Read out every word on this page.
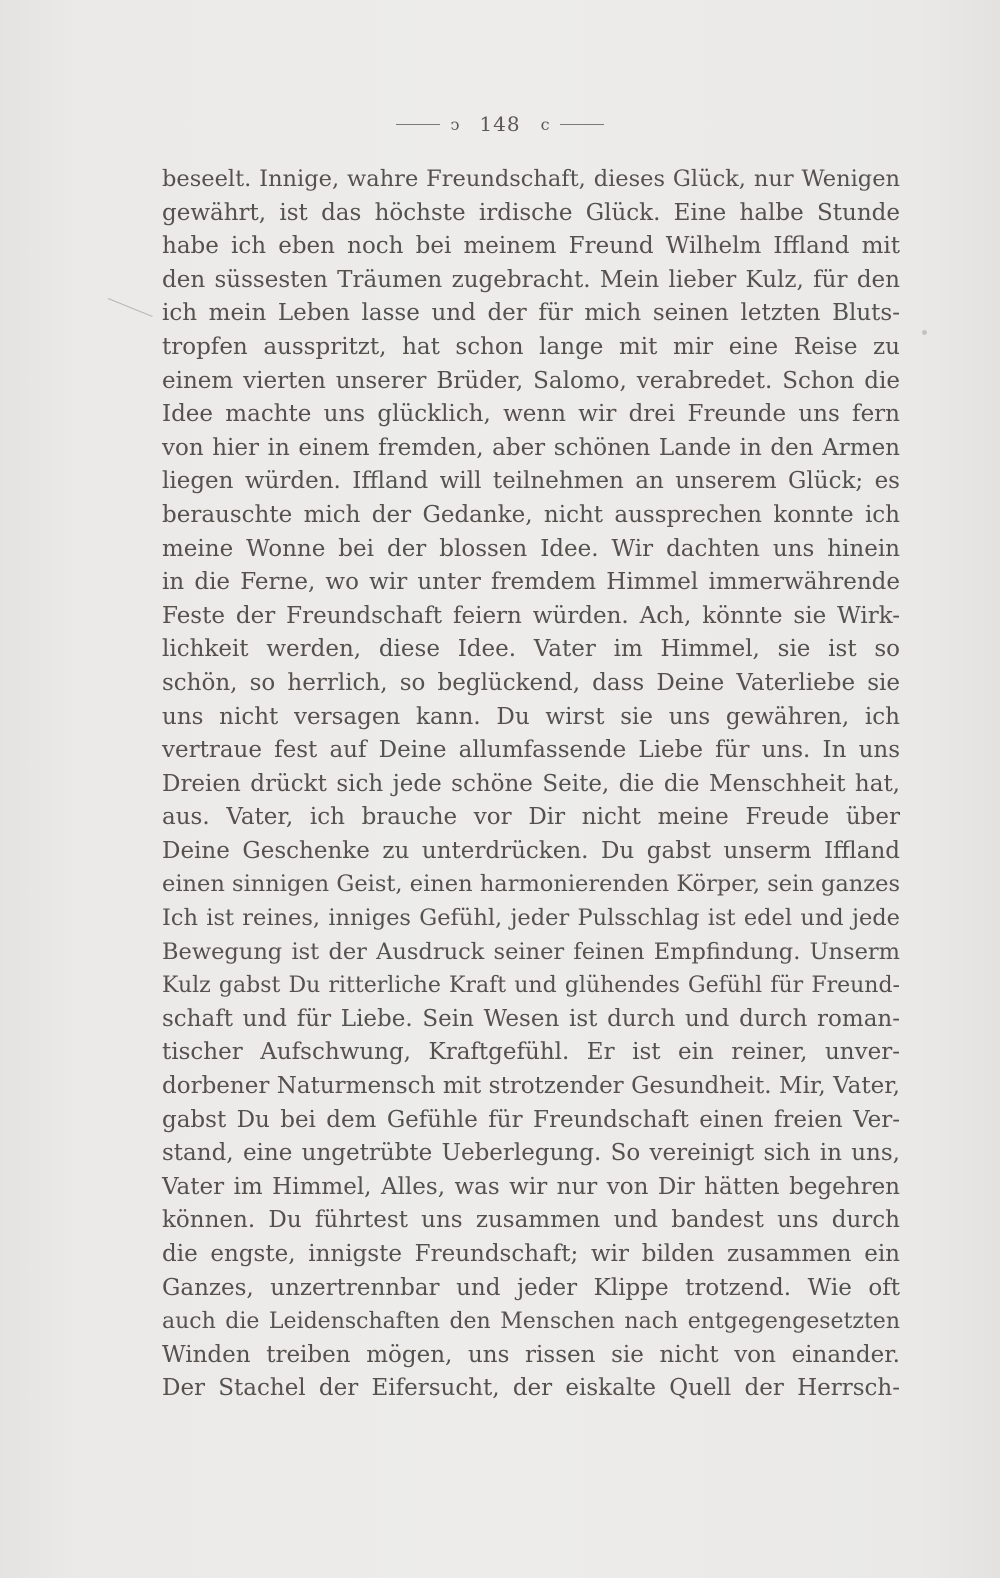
ↄ 148 c
beseelt. Innige, wahre Freundschaft, dieses Glück, nur Wenigen
gewährt, ist das höchste irdische Glück. Eine halbe Stunde
habe ich eben noch bei meinem Freund Wilhelm Iffland mit
den süssesten Träumen zugebracht. Mein lieber Kulz, für den
ich mein Leben lasse und der für mich seinen letzten Bluts-
tropfen ausspritzt, hat schon lange mit mir eine Reise zu
einem vierten unserer Brüder, Salomo, verabredet. Schon die
Idee machte uns glücklich, wenn wir drei Freunde uns fern
von hier in einem fremden, aber schönen Lande in den Armen
liegen würden. Iffland will teilnehmen an unserem Glück; es
berauschte mich der Gedanke, nicht aussprechen konnte ich
meine Wonne bei der blossen Idee. Wir dachten uns hinein
in die Ferne, wo wir unter fremdem Himmel immerwährende
Feste der Freundschaft feiern würden. Ach, könnte sie Wirk-
lichkeit werden, diese Idee. Vater im Himmel, sie ist so
schön, so herrlich, so beglückend, dass Deine Vaterliebe sie
uns nicht versagen kann. Du wirst sie uns gewähren, ich
vertraue fest auf Deine allumfassende Liebe für uns. In uns
Dreien drückt sich jede schöne Seite, die die Menschheit hat,
aus. Vater, ich brauche vor Dir nicht meine Freude über
Deine Geschenke zu unterdrücken. Du gabst unserm Iffland
einen sinnigen Geist, einen harmonierenden Körper, sein ganzes
Ich ist reines, inniges Gefühl, jeder Pulsschlag ist edel und jede
Bewegung ist der Ausdruck seiner feinen Empfindung. Unserm
Kulz gabst Du ritterliche Kraft und glühendes Gefühl für Freund-
schaft und für Liebe. Sein Wesen ist durch und durch roman-
tischer Aufschwung, Kraftgefühl. Er ist ein reiner, unver-
dorbener Naturmensch mit strotzender Gesundheit. Mir, Vater,
gabst Du bei dem Gefühle für Freundschaft einen freien Ver-
stand, eine ungetrübte Ueberlegung. So vereinigt sich in uns,
Vater im Himmel, Alles, was wir nur von Dir hätten begehren
können. Du führtest uns zusammen und bandest uns durch
die engste, innigste Freundschaft; wir bilden zusammen ein
Ganzes, unzertrennbar und jeder Klippe trotzend. Wie oft
auch die Leidenschaften den Menschen nach entgegengesetzten
Winden treiben mögen, uns rissen sie nicht von einander.
Der Stachel der Eifersucht, der eiskalte Quell der Herrsch-
